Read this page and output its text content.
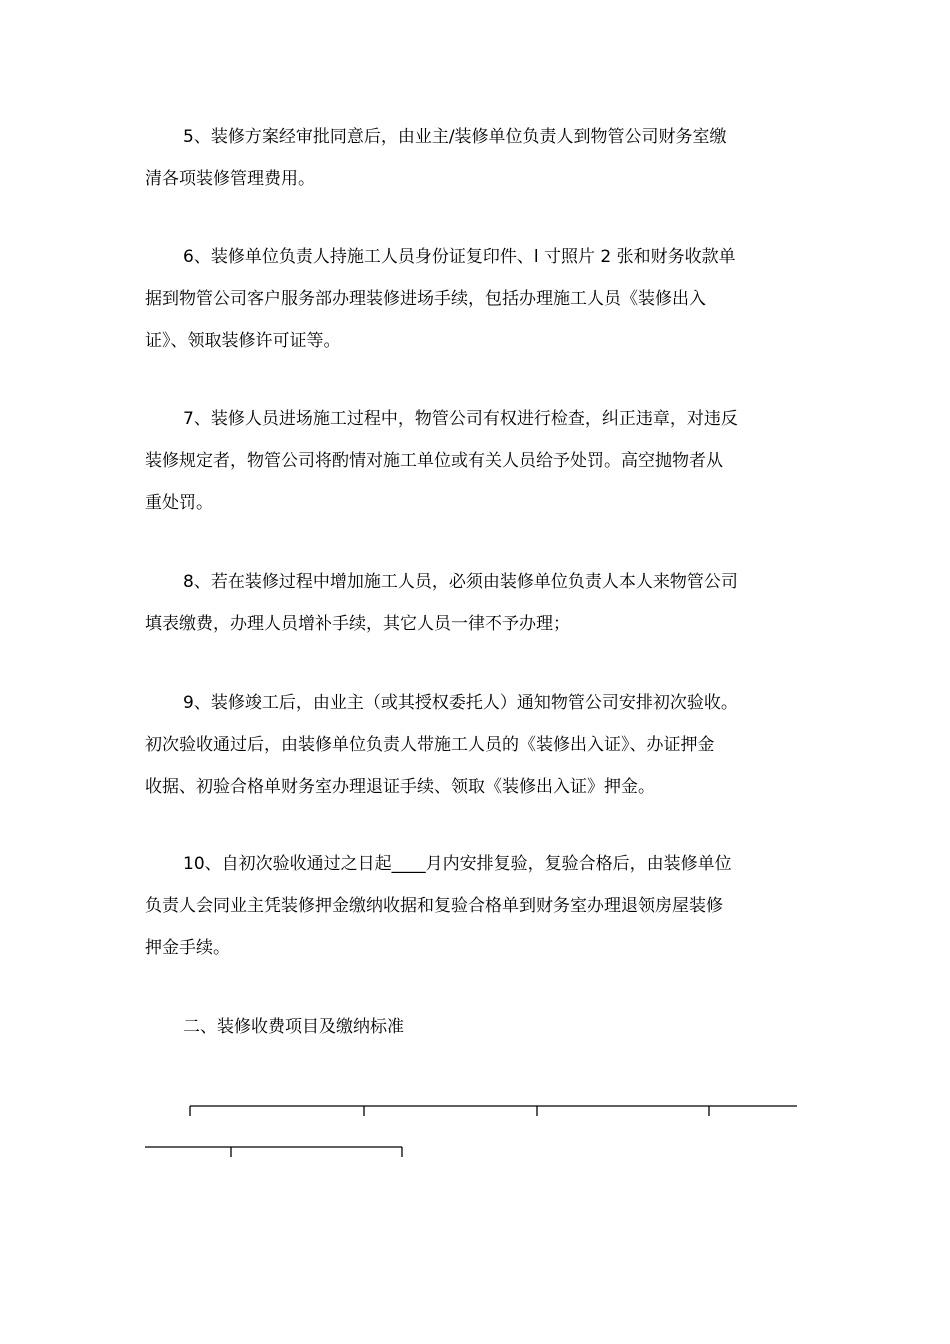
5、装修方案经审批同意后，由业主/装修单位负责人到物管公司财务室缴
清各项装修管理费用。
6、装修单位负责人持施工人员身份证复印件、l 寸照片 2 张和财务收款单
据到物管公司客户服务部办理装修进场手续，包括办理施工人员《装修出入
证》、领取装修许可证等。
7、装修人员进场施工过程中，物管公司有权进行检查，纠正违章，对违反
装修规定者，物管公司将酌情对施工单位或有关人员给予处罚。高空抛物者从
重处罚。
8、若在装修过程中增加施工人员，必须由装修单位负责人本人来物管公司
填表缴费，办理人员增补手续，其它人员一律不予办理；
9、装修竣工后，由业主（或其授权委托人）通知物管公司安排初次验收。
初次验收通过后，由装修单位负责人带施工人员的《装修出入证》、办证押金
收据、初验合格单财务室办理退证手续、领取《装修出入证》押金。
10、自初次验收通过之日起____月内安排复验，复验合格后，由装修单位
负责人会同业主凭装修押金缴纳收据和复验合格单到财务室办理退领房屋装修
押金手续。
二、装修收费项目及缴纳标准
